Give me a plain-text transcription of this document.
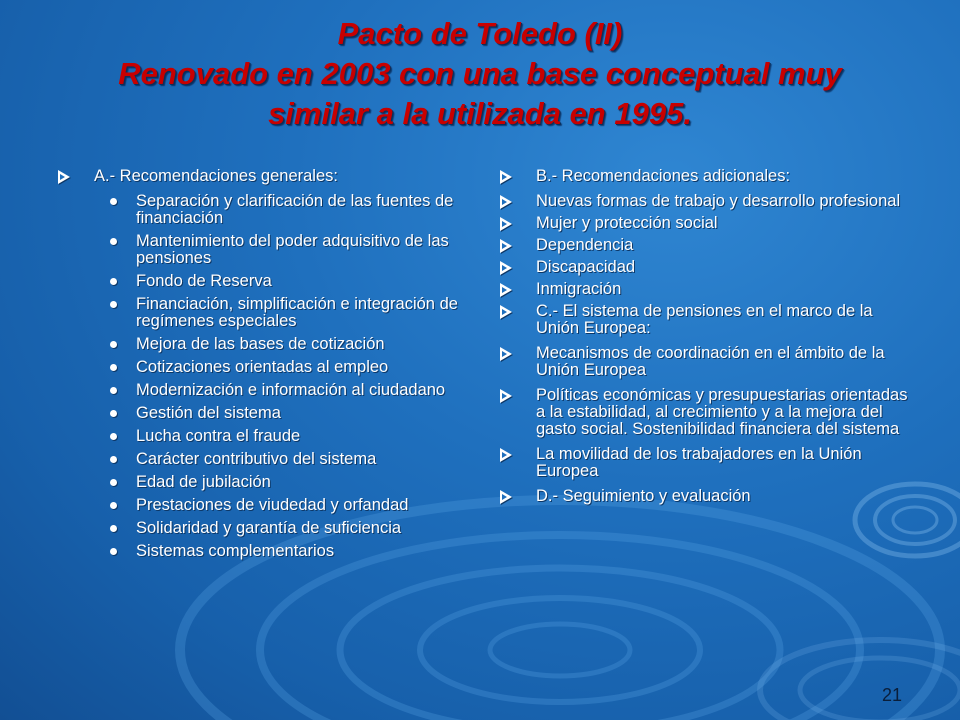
Pacto de Toledo (II)
Renovado en 2003 con una base conceptual muy
similar a la utilizada en 1995.
A.- Recomendaciones generales:
Separación y clarificación de las fuentes de financiación
Mantenimiento del poder adquisitivo de las pensiones
Fondo de Reserva
Financiación, simplificación e integración de regímenes especiales
Mejora de las bases de cotización
Cotizaciones orientadas al empleo
Modernización e información al ciudadano
Gestión del sistema
Lucha contra el fraude
Carácter contributivo del sistema
Edad de jubilación
Prestaciones de viudedad y orfandad
Solidaridad y garantía de suficiencia
Sistemas complementarios
B.- Recomendaciones adicionales:
Nuevas formas de trabajo y desarrollo profesional
Mujer y protección social
Dependencia
Discapacidad
Inmigración
C.- El sistema de pensiones en el marco de la Unión Europea:
Mecanismos de coordinación en el ámbito de la Unión Europea
Políticas económicas y presupuestarias orientadas a la estabilidad, al crecimiento y a la mejora del gasto social. Sostenibilidad financiera del sistema
La movilidad de los trabajadores en la Unión Europea
D.- Seguimiento y evaluación
21
